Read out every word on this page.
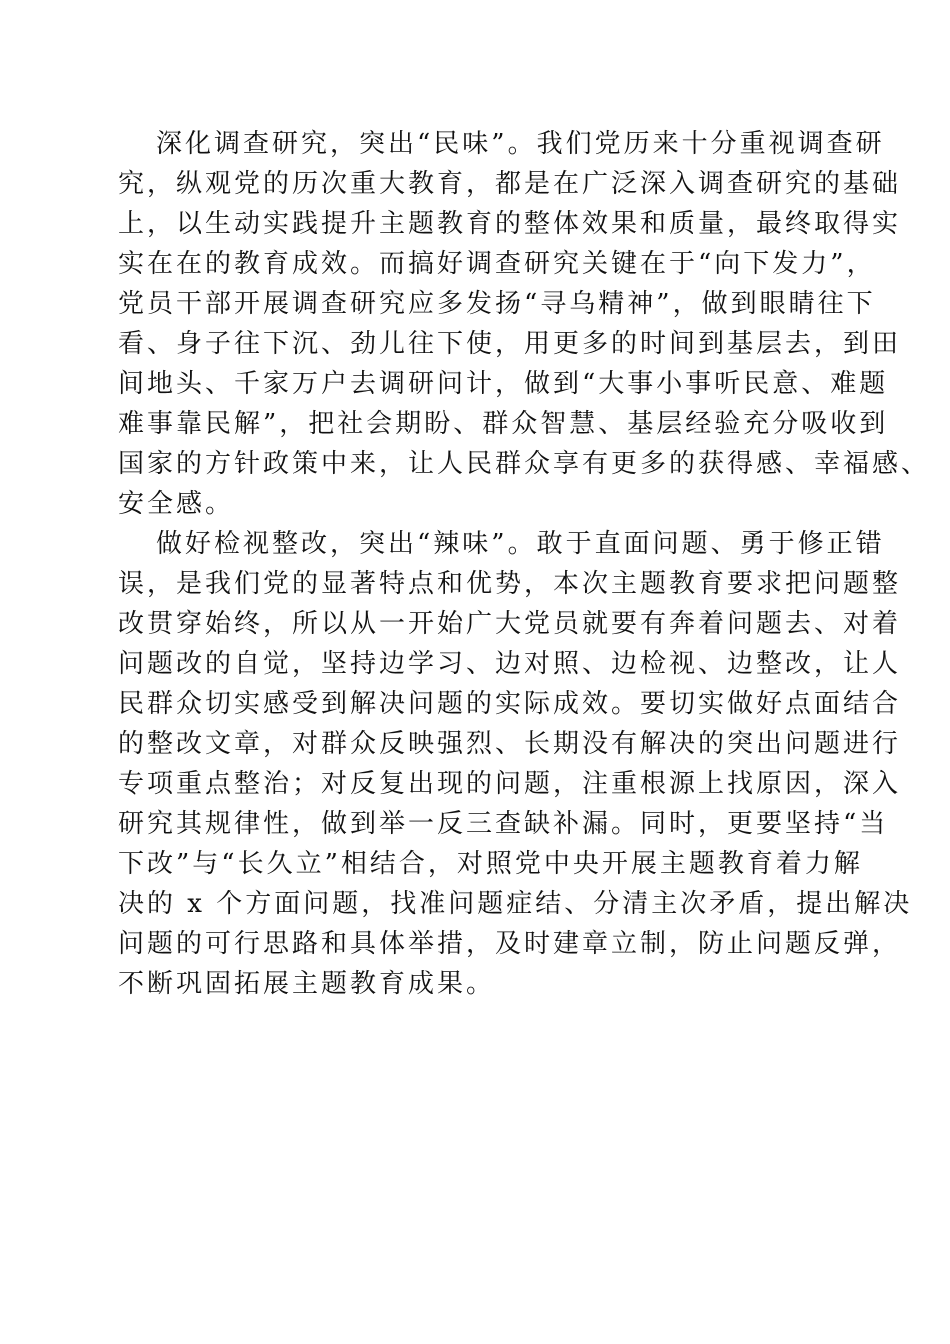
深化调查研究，突出“民味”。我们党历来十分重视调查研
究，纵观党的历次重大教育，都是在广泛深入调查研究的基础
上，以生动实践提升主题教育的整体效果和质量，最终取得实
实在在的教育成效。而搞好调查研究关键在于“向下发力”，
党员干部开展调查研究应多发扬“寻乌精神”，做到眼睛往下
看、身子往下沉、劲儿往下使，用更多的时间到基层去，到田
间地头、千家万户去调研问计，做到“大事小事听民意、难题
难事靠民解”，把社会期盼、群众智慧、基层经验充分吸收到
国家的方针政策中来，让人民群众享有更多的获得感、幸福感、
安全感。
做好检视整改，突出“辣味”。敢于直面问题、勇于修正错
误，是我们党的显著特点和优势，本次主题教育要求把问题整
改贯穿始终，所以从一开始广大党员就要有奔着问题去、对着
问题改的自觉，坚持边学习、边对照、边检视、边整改，让人
民群众切实感受到解决问题的实际成效。要切实做好点面结合
的整改文章，对群众反映强烈、长期没有解决的突出问题进行
专项重点整治；对反复出现的问题，注重根源上找原因，深入
研究其规律性，做到举一反三查缺补漏。同时，更要坚持“当
下改”与“长久立”相结合，对照党中央开展主题教育着力解
决的 x 个方面问题，找准问题症结、分清主次矛盾，提出解决
问题的可行思路和具体举措，及时建章立制，防止问题反弹，
不断巩固拓展主题教育成果。
